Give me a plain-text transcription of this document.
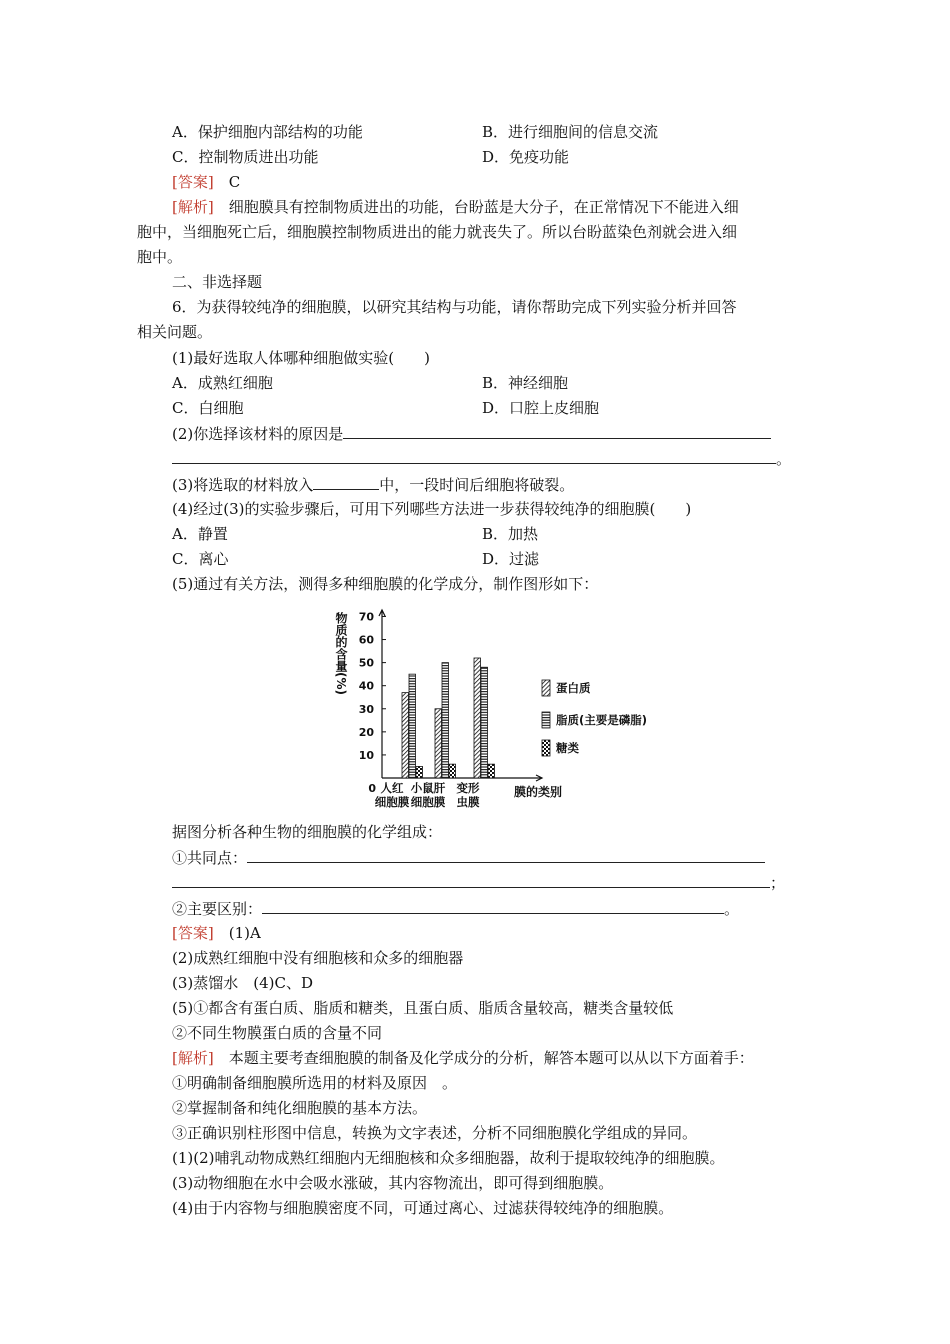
A．保护细胞内部结构的功能	B．进行细胞间的信息交流
C．控制物质进出功能	D．免疫功能
[答案]　 C
[解析]　 细胞膜具有控制物质进出的功能，台盼蓝是大分子，在正常情况下不能进入细
胞中，当细胞死亡后，细胞膜控制物质进出的能力就丧失了。所以台盼蓝染色剂就会进入细
胞中。
二、非选择题
6．为获得较纯净的细胞膜，以研究其结构与功能，请你帮助完成下列实验分析并回答
相关问题。
(1)最好选取人体哪种细胞做实验(　　)
A．成熟红细胞	B．神经细胞
C．白细胞	D．口腔上皮细胞
(2)你选择该材料的原因是
。
(3)将选取的材料放入	中，一段时间后细胞将破裂。
(4)经过(3)的实验步骤后，可用下列哪些方法进一步获得较纯净的细胞膜(　　)
A．静置	B．加热
C．离心	D．过滤
(5)通过有关方法，测得多种细胞膜的化学成分，制作图形如下：
物质的含量(%)
0
10
20
30
40
50
60
70
人红
细胞膜
小鼠肝
细胞膜
变形
虫膜
蛋白质
脂质(主要是磷脂)
糖类
膜的类别
据图分析各种生物的细胞膜的化学组成：
①共同点：
；
②主要区别：	。
[答案]　 (1)A
(2)成熟红细胞中没有细胞核和众多的细胞器
(3)蒸馏水　(4)C、D
(5)①都含有蛋白质、脂质和糖类，且蛋白质、脂质含量较高，糖类含量较低
②不同生物膜蛋白质的含量不同
[解析]　 本题主要考查细胞膜的制备及化学成分的分析，解答本题可以从以下方面着手：
①明确制备细胞膜所选用的材料及原因　。
②掌握制备和纯化细胞膜的基本方法。
③正确识别柱形图中信息，转换为文字表述，分析不同细胞膜化学组成的异同。
(1)(2)哺乳动物成熟红细胞内无细胞核和众多细胞器，故利于提取较纯净的细胞膜。
(3)动物细胞在水中会吸水涨破，其内容物流出，即可得到细胞膜。
(4)由于内容物与细胞膜密度不同，可通过离心、过滤获得较纯净的细胞膜。
